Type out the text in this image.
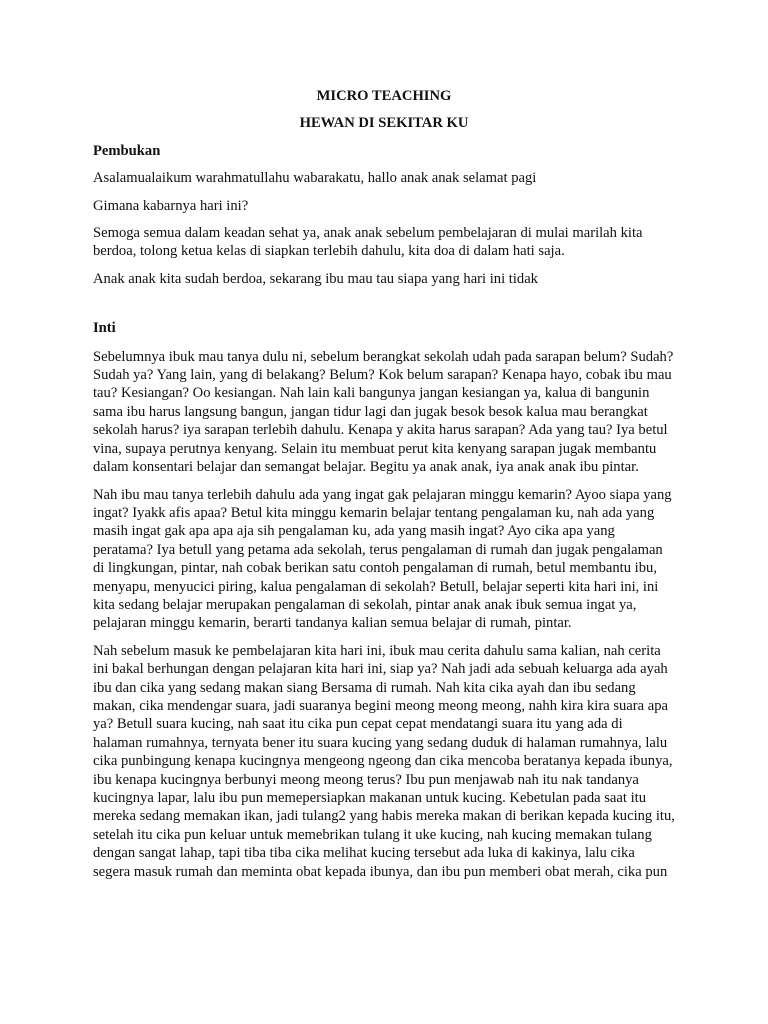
MICRO TEACHING
HEWAN DI SEKITAR KU
Pembukan

Asalamualaikum warahmatullahu wabarakatu, hallo anak anak selamat pagi

Gimana kabarnya hari ini?

Semoga semua dalam keadan sehat ya, anak anak sebelum pembelajaran di mulai marilah kita berdoa, tolong ketua kelas di siapkan terlebih dahulu, kita doa di dalam hati saja.

Anak anak kita sudah berdoa, sekarang ibu mau tau siapa yang hari ini tidak

Inti

Sebelumnya ibuk mau tanya dulu ni, sebelum berangkat sekolah udah pada sarapan belum? Sudah? Sudah ya? Yang lain, yang di belakang? Belum? Kok belum sarapan? Kenapa hayo, cobak ibu mau tau? Kesiangan? Oo kesiangan. Nah lain kali bangunya jangan kesiangan ya, kalua di bangunin sama ibu harus langsung bangun, jangan tidur lagi dan jugak besok besok kalua mau berangkat sekolah harus? iya sarapan terlebih dahulu. Kenapa y akita harus sarapan? Ada yang tau? Iya betul vina, supaya perutnya kenyang. Selain itu membuat perut kita kenyang sarapan jugak membantu dalam konsentari belajar dan semangat belajar. Begitu ya anak anak, iya anak anak ibu pintar.

Nah ibu mau tanya terlebih dahulu ada yang ingat gak pelajaran minggu kemarin? Ayoo siapa yang ingat? Iyakk afis apaa? Betul kita minggu kemarin belajar tentang pengalaman ku, nah ada yang masih ingat gak apa apa aja sih pengalaman ku, ada yang masih ingat? Ayo cika apa yang peratama? Iya betull yang petama ada sekolah, terus pengalaman di rumah dan jugak pengalaman di lingkungan, pintar, nah cobak berikan satu contoh pengalaman di rumah, betul membantu ibu, menyapu, menyucici piring, kalua pengalaman di sekolah? Betull, belajar seperti kita hari ini, ini kita sedang belajar merupakan pengalaman di sekolah, pintar anak anak ibuk semua ingat ya, pelajaran minggu kemarin, berarti tandanya kalian semua belajar di rumah, pintar.

Nah sebelum masuk ke pembelajaran kita hari ini, ibuk mau cerita dahulu sama kalian, nah cerita ini bakal berhungan dengan pelajaran kita hari ini, siap ya? Nah jadi ada sebuah keluarga ada ayah ibu dan cika yang sedang makan siang Bersama di rumah. Nah kita cika ayah dan ibu sedang makan, cika mendengar suara, jadi suaranya begini meong meong meong, nahh kira kira suara apa ya? Betull suara kucing, nah saat itu cika pun cepat cepat mendatangi suara itu yang ada di halaman rumahnya, ternyata bener itu suara kucing yang sedang duduk di halaman rumahnya, lalu cika punbingung kenapa kucingnya mengeong ngeong dan cika mencoba beratanya kepada ibunya, ibu kenapa kucingnya berbunyi meong meong terus? Ibu pun menjawab nah itu nak tandanya kucingnya lapar, lalu ibu pun memepersiapkan makanan untuk kucing. Kebetulan pada saat itu mereka sedang memakan ikan, jadi tulang2 yang habis mereka makan di berikan kepada kucing itu, setelah itu cika pun keluar untuk memebrikan tulang it uke kucing, nah kucing memakan tulang dengan sangat lahap, tapi tiba tiba cika melihat kucing tersebut ada luka di kakinya, lalu cika segera masuk rumah dan meminta obat kepada ibunya, dan ibu pun memberi obat merah, cika pun
